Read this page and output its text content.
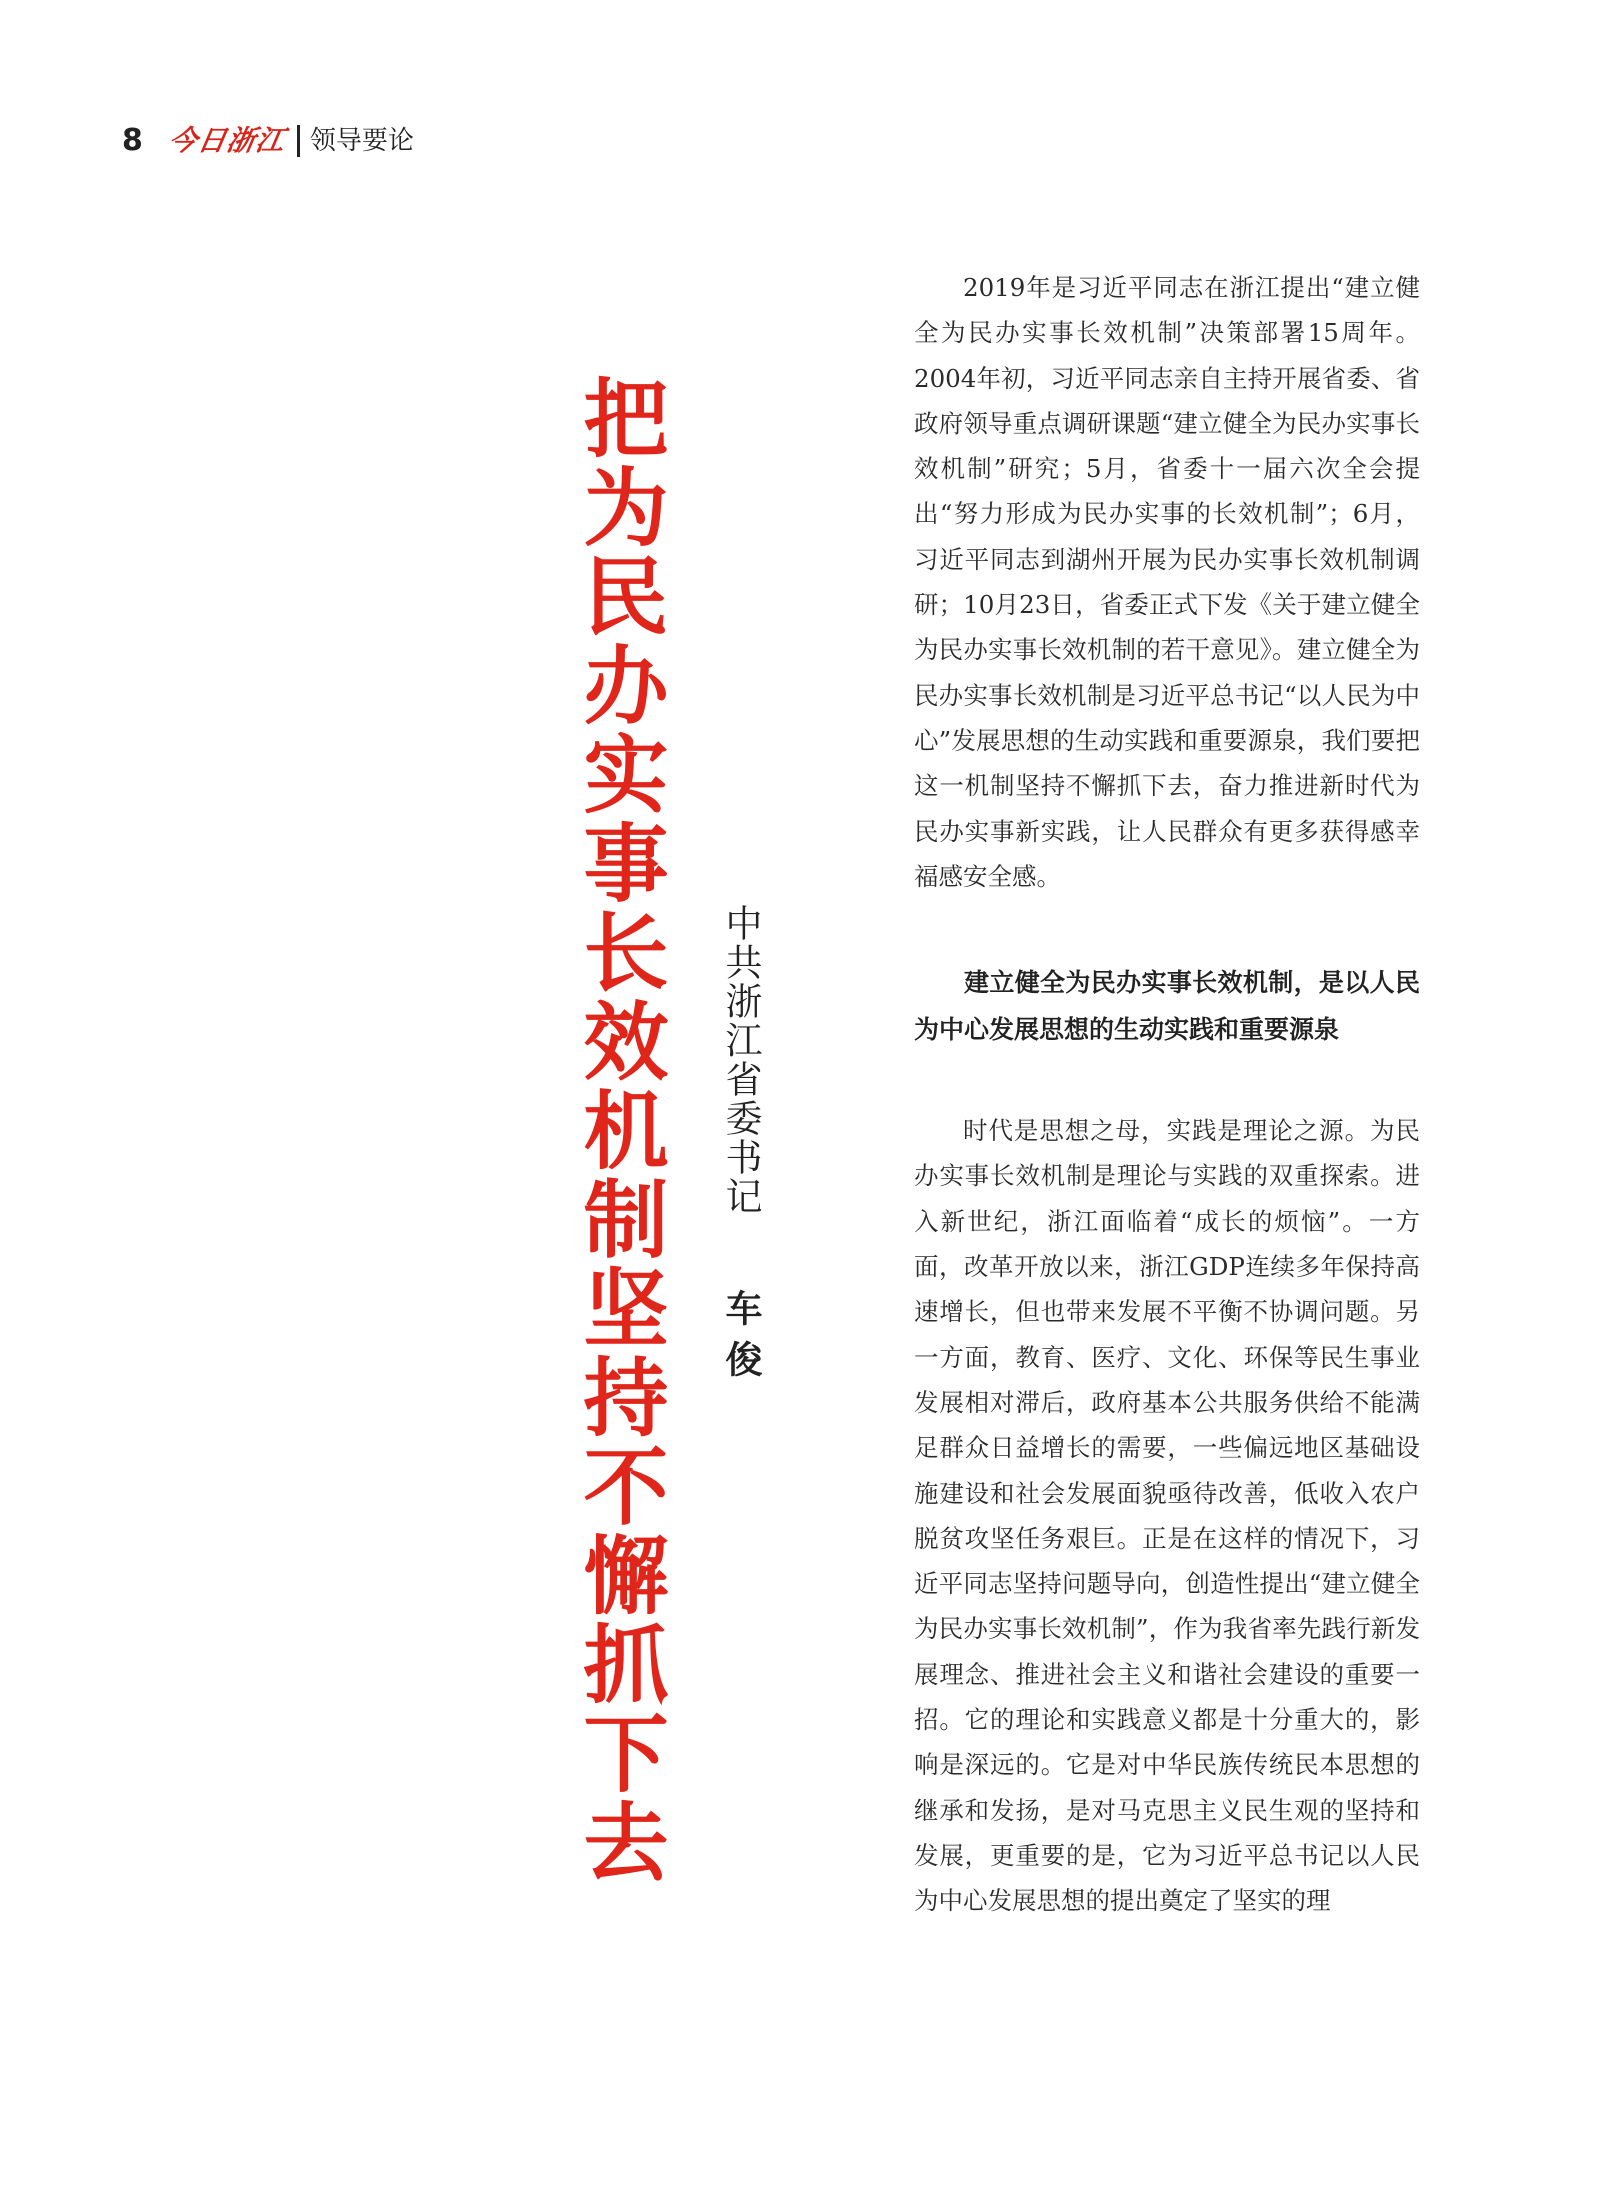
8 今日浙江 领导要论
把为民办实事长效机制坚持不懈抓下去 中共浙江省委书记 车俊

2019年是习近平同志在浙江提出“建立健全为民办实事长效机制”决策部署15周年。2004年初，习近平同志亲自主持开展省委、省政府领导重点调研课题“建立健全为民办实事长效机制”研究；5月，省委十一届六次全会提出“努力形成为民办实事的长效机制”；6月，习近平同志到湖州开展为民办实事长效机制调研；10月23日，省委正式下发《关于建立健全为民办实事长效机制的若干意见》。建立健全为民办实事长效机制是习近平总书记“以人民为中心”发展思想的生动实践和重要源泉，我们要把这一机制坚持不懈抓下去，奋力推进新时代为民办实事新实践，让人民群众有更多获得感幸福感安全感。

建立健全为民办实事长效机制，是以人民为中心发展思想的生动实践和重要源泉

时代是思想之母，实践是理论之源。为民办实事长效机制是理论与实践的双重探索。进入新世纪，浙江面临着“成长的烦恼”。一方面，改革开放以来，浙江GDP连续多年保持高速增长，但也带来发展不平衡不协调问题。另一方面，教育、医疗、文化、环保等民生事业发展相对滞后，政府基本公共服务供给不能满足群众日益增长的需要，一些偏远地区基础设施建设和社会发展面貌亟待改善，低收入农户脱贫攻坚任务艰巨。正是在这样的情况下，习近平同志坚持问题导向，创造性提出“建立健全为民办实事长效机制”，作为我省率先践行新发展理念、推进社会主义和谐社会建设的重要一招。它的理论和实践意义都是十分重大的，影响是深远的。它是对中华民族传统民本思想的继承和发扬，是对马克思主义民生观的坚持和发展，更重要的是，它为习近平总书记以人民为中心发展思想的提出奠定了坚实的理
